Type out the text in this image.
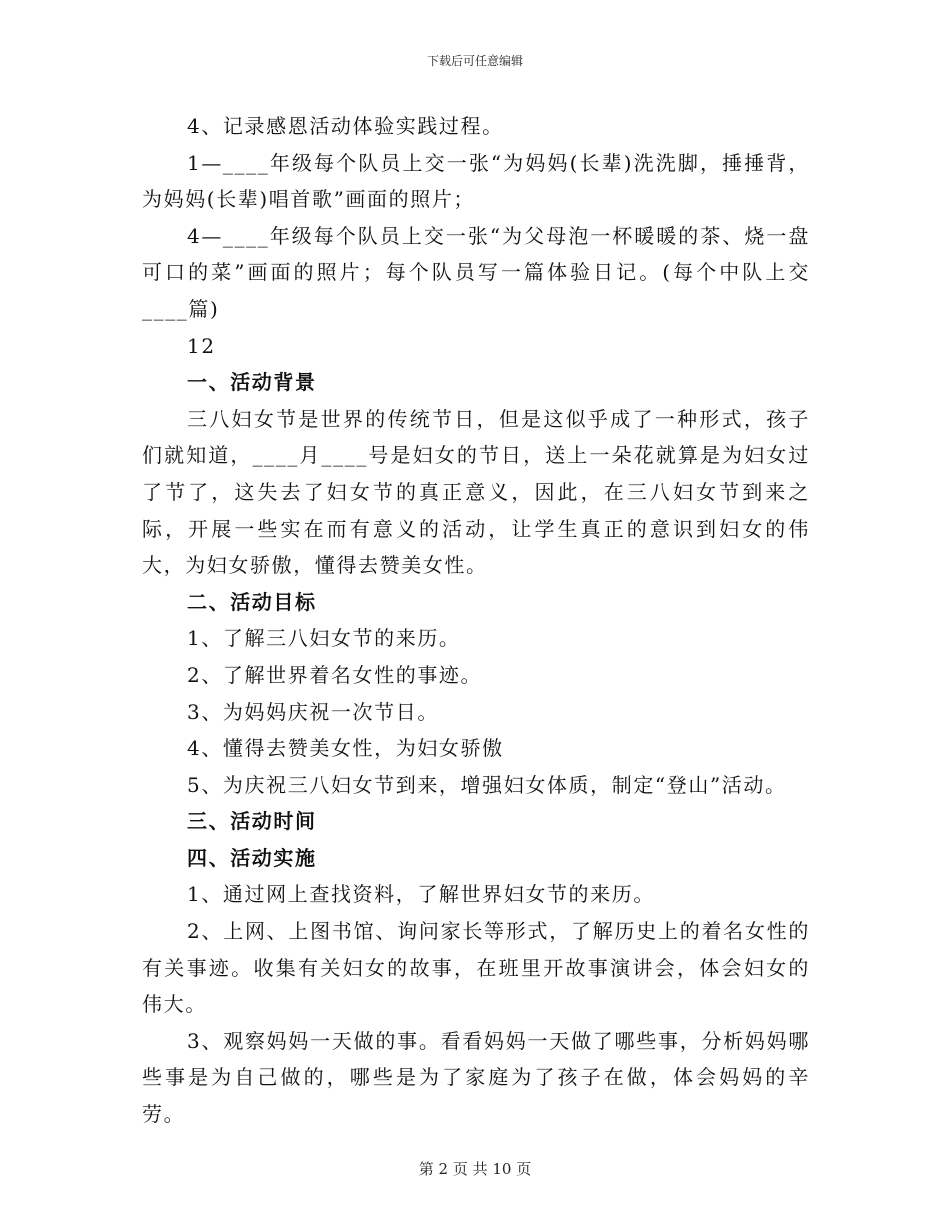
下载后可任意编辑

4、记录感恩活动体验实践过程。

1—____年级每个队员上交一张“为妈妈(长辈)洗洗脚，捶捶背，为妈妈(长辈)唱首歌”画面的照片；

4—____年级每个队员上交一张“为父母泡一杯暖暖的茶、烧一盘可口的菜”画面的照片；每个队员写一篇体验日记。(每个中队上交____篇)

12

一、活动背景

三八妇女节是世界的传统节日，但是这似乎成了一种形式，孩子们就知道，____月____号是妇女的节日，送上一朵花就算是为妇女过了节了，这失去了妇女节的真正意义，因此，在三八妇女节到来之际，开展一些实在而有意义的活动，让学生真正的意识到妇女的伟大，为妇女骄傲，懂得去赞美女性。

二、活动目标

1、了解三八妇女节的来历。

2、了解世界着名女性的事迹。

3、为妈妈庆祝一次节日。

4、懂得去赞美女性，为妇女骄傲

5、为庆祝三八妇女节到来，增强妇女体质，制定“登山”活动。

三、活动时间

四、活动实施

1、通过网上查找资料，了解世界妇女节的来历。

2、上网、上图书馆、询问家长等形式，了解历史上的着名女性的有关事迹。收集有关妇女的故事，在班里开故事演讲会，体会妇女的伟大。

3、观察妈妈一天做的事。看看妈妈一天做了哪些事，分析妈妈哪些事是为自己做的，哪些是为了家庭为了孩子在做，体会妈妈的辛劳。

第 2 页 共 10 页
